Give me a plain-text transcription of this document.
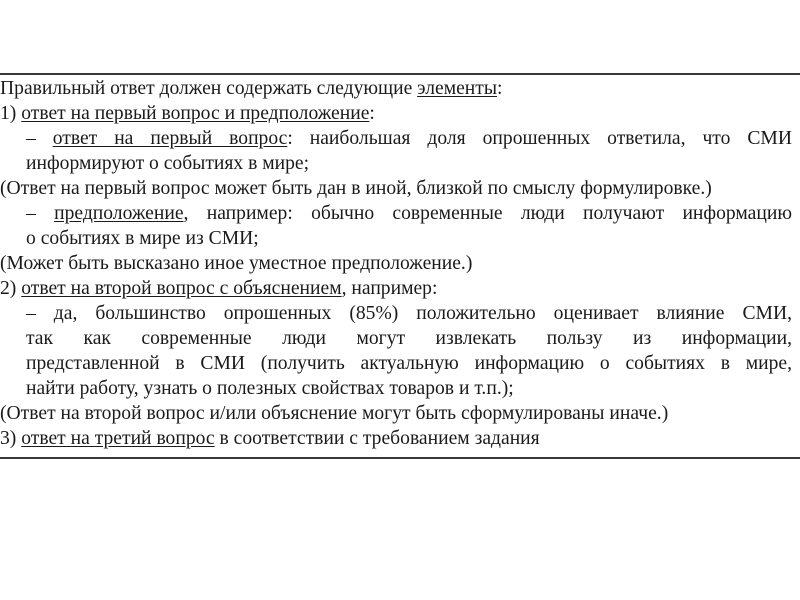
Правильный ответ должен содержать следующие элементы:
1) ответ на первый вопрос и предположение:
– ответ на первый вопрос: наибольшая доля опрошенных ответила, что СМИ
информируют о событиях в мире;
(Ответ на первый вопрос может быть дан в иной, близкой по смыслу формулировке.)
– предположение, например: обычно современные люди получают информацию
о событиях в мире из СМИ;
(Может быть высказано иное уместное предположение.)
2) ответ на второй вопрос с объяснением, например:
– да, большинство опрошенных (85%) положительно оценивает влияние СМИ,
так как современные люди могут извлекать пользу из информации,
представленной в СМИ (получить актуальную информацию о событиях в мире,
найти работу, узнать о полезных свойствах товаров и т.п.);
(Ответ на второй вопрос и/или объяснение могут быть сформулированы иначе.)
3) ответ на третий вопрос в соответствии с требованием задания
